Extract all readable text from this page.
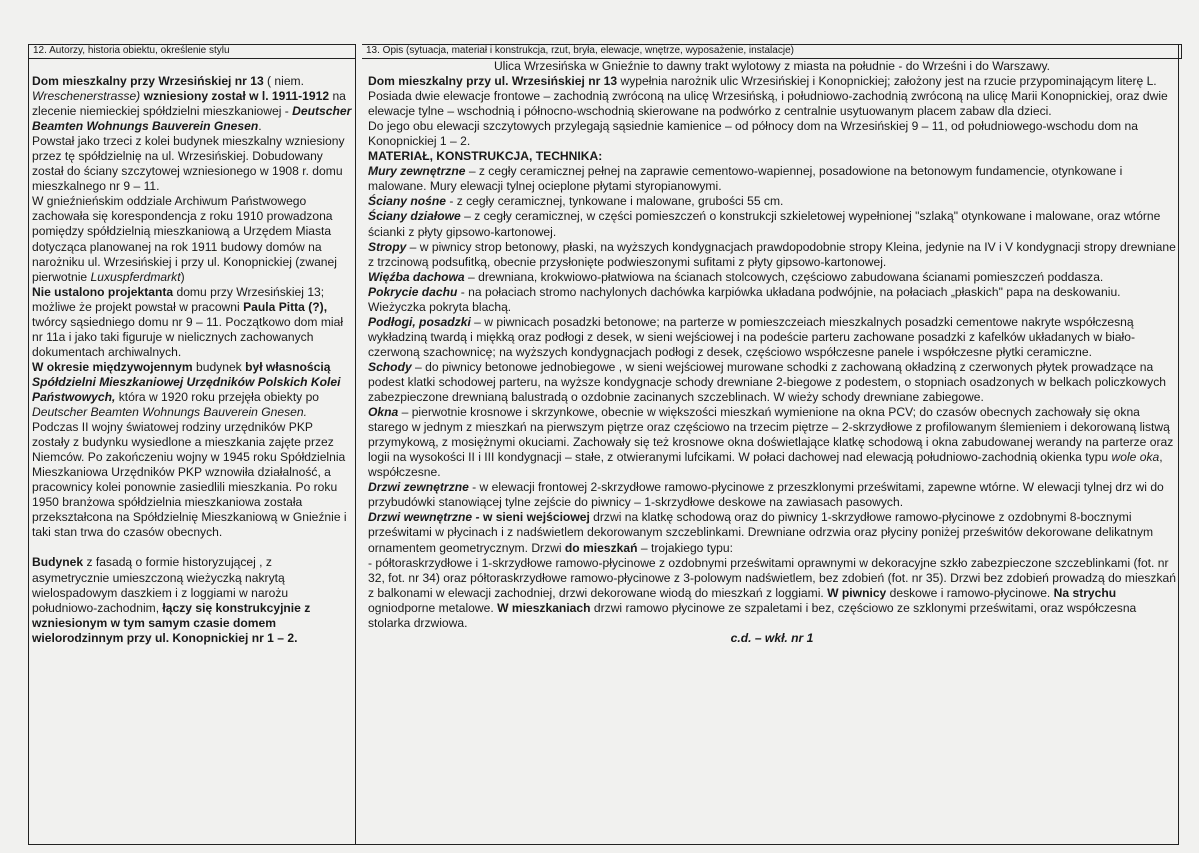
12. Autorzy, historia obiektu, określenie stylu	13. Opis (sytuacja, materiał i konstrukcja, rzut, bryła, elewacje, wnętrze, wyposażenie, instalacje)

Dom mieszkalny przy Wrzesińskiej nr 13 ( niem. Wreschenerstrasse) wzniesiony został w l. 1911-1912 na zlecenie niemieckiej spółdzielni mieszkaniowej - Deutscher Beamten Wohnungs Bauverein Gnesen.

Powstał jako trzeci z kolei budynek mieszkalny wzniesiony przez tę spółdzielnię na ul. Wrzesińskiej. Dobudowany został do ściany szczytowej wzniesionego w 1908 r. domu mieszkalnego nr 9 – 11.

W gnieźnieńskim oddziale Archiwum Państwowego zachowała się korespondencja z roku 1910 prowadzona pomiędzy spółdzielnią mieszkaniową a Urzędem Miasta dotycząca planowanej na rok 1911 budowy domów na narożniku ul. Wrzesińskiej i przy ul. Konopnickiej (zwanej pierwotnie Luxuspferdmarkt)

Nie ustalono projektanta domu przy Wrzesińskiej 13; możliwe że projekt powstał w pracowni Paula Pitta (?), twórcy sąsiedniego domu nr 9 – 11. Początkowo dom miał nr 11a i jako taki figuruje w nielicznych zachowanych dokumentach archiwalnych.

W okresie międzywojennym budynek był własnością Spółdzielni Mieszkaniowej Urzędników Polskich Kolei Państwowych, która w 1920 roku przejęła obiekty po Deutscher Beamten Wohnungs Bauverein Gnesen. Podczas II wojny światowej rodziny urzędników PKP zostały z budynku wysiedlone a mieszkania zajęte przez Niemców. Po zakończeniu wojny w 1945 roku Spółdzielnia Mieszkaniowa Urzędników PKP wznowiła działalność, a pracownicy kolei ponownie zasiedlili mieszkania. Po roku 1950 branżowa spółdzielnia mieszkaniowa została przekształcona na Spółdzielnię Mieszkaniową w Gnieźnie i taki stan trwa do czasów obecnych.

Budynek z fasadą o formie historyzującej , z asymetrycznie umieszczoną wieżyczką nakrytą wielospadowym daszkiem i z loggiami w narożu południowo-zachodnim, łączy się konstrukcyjnie z wzniesionym w tym samym czasie domem wielorodzinnym przy ul. Konopnickiej nr 1 – 2.

Ulica Wrzesińska w Gnieźnie to dawny trakt wylotowy z miasta na południe - do Wrześni i do Warszawy.

Dom mieszkalny przy ul. Wrzesińskiej nr 13 wypełnia narożnik ulic Wrzesińskiej i Konopnickiej; założony jest na rzucie przypominającym literę L. Posiada dwie elewacje frontowe – zachodnią zwróconą na ulicę Wrzesińską, i południowo-zachodnią zwróconą na ulicę Marii Konopnickiej, oraz dwie elewacje tylne – wschodnią i północno-wschodnią skierowane na podwórko z centralnie usytuowanym placem zabaw dla dzieci.

Do jego obu elewacji szczytowych przylegają sąsiednie kamienice – od północy dom na Wrzesińskiej 9 – 11, od południowego-wschodu dom na Konopnickiej 1 – 2.

MATERIAŁ, KONSTRUKCJA, TECHNIKA:

Mury zewnętrzne – z cegły ceramicznej pełnej na zaprawie cementowo-wapiennej, posadowione na betonowym fundamencie, otynkowane i malowane. Mury elewacji tylnej ocieplone płytami styropianowymi.

Ściany nośne - z cegły ceramicznej, tynkowane i malowane, grubości 55 cm.

Ściany działowe – z cegły ceramicznej, w części pomieszczeń o konstrukcji szkieletowej wypełnionej "szlaką" otynkowane i malowane, oraz wtórne ścianki z płyty gipsowo-kartonowej.

Stropy – w piwnicy strop betonowy, płaski, na wyższych kondygnacjach prawdopodobnie stropy Kleina, jedynie na IV i V kondygnacji stropy drewniane z trzcinową podsufitką, obecnie przysłonięte podwieszonymi sufitami z płyty gipsowo-kartonowej.

Więźba dachowa – drewniana, krokwiowo-płatwiowa na ścianach stolcowych, częściowo zabudowana ścianami pomieszczeń poddasza.

Pokrycie dachu - na połaciach stromo nachylonych dachówka karpiówka układana podwójnie, na połaciach „płaskich" papa na deskowaniu. Wieżyczka pokryta blachą.

Podłogi, posadzki – w piwnicach posadzki betonowe; na parterze w pomieszczeiach mieszkalnych posadzki cementowe nakryte współczesną wykładziną twardą i miękką oraz podłogi z desek, w sieni wejściowej i na podeście parteru zachowane posadzki z kafelków układanych w biało-czerwoną szachownicę; na wyższych kondygnacjach podłogi z desek, częściowo współczesne panele i współczesne płytki ceramiczne.

Schody – do piwnicy betonowe jednobiegowe , w sieni wejściowej murowane schodki z zachowaną okładziną z czerwonych płytek prowadzące na podest klatki schodowej parteru, na wyższe kondygnacje schody drewniane 2-biegowe z podestem, o stopniach osadzonych w belkach policzkowych zabezpieczone drewnianą balustradą o ozdobnie zacinanych szczeblinach. W wieży schody drewniane zabiegowe.

Okna – pierwotnie krosnowe i skrzynkowe, obecnie w większości mieszkań wymienione na okna PCV; do czasów obecnych zachowały się okna starego w jednym z mieszkań na pierwszym piętrze oraz częściowo na trzecim piętrze – 2-skrzydłowe z profilowanym ślemieniem i dekorowaną listwą przymykową, z mosiężnymi okuciami. Zachowały się też krosnowe okna doświetlające klatkę schodową i okna zabudowanej werandy na parterze oraz logii na wysokości II i III kondygnacji – stałe, z otwieranymi lufcikami. W połaci dachowej nad elewacją południowo-zachodnią okienka typu wole oka, współczesne.

Drzwi zewnętrzne - w elewacji frontowej 2-skrzydłowe ramowo-płycinowe z przeszklonymi prześwitami, zapewne wtórne. W elewacji tylnej drz wi do przybudówki stanowiącej tylne zejście do piwnicy – 1-skrzydłowe deskowe na zawiasach pasowych.

Drzwi wewnętrzne - w sieni wejściowej drzwi na klatkę schodową oraz do piwnicy 1-skrzydłowe ramowo-płycinowe z ozdobnymi 8-bocznymi prześwitami w płycinach i z nadświetlem dekorowanym szczeblinkami. Drewniane odrzwia oraz płyciny poniżej prześwitów dekorowane delikatnym ornamentem geometrycznym. Drzwi do mieszkań – trojakiego typu:

- półtoraskrzydłowe i 1-skrzydłowe ramowo-płycinowe z ozdobnymi prześwitami oprawnymi w dekoracyjne szkło zabezpieczone szczeblinkami (fot. nr 32, fot. nr 34) oraz półtoraskrzydłowe ramowo-płycinowe z 3-polowym nadświetlem, bez zdobień (fot. nr 35). Drzwi bez zdobień prowadzą do mieszkań z balkonami w elewacji zachodniej, drzwi dekorowane wiodą do mieszkań z loggiami. W piwnicy deskowe i ramowo-płycinowe. Na strychu ogniodporne metalowe. W mieszkaniach drzwi ramowo płycinowe ze szpaletami i bez, częściowo ze szklonymi prześwitami, oraz współczesna stolarka drzwiowa.

c.d. – wkł. nr 1
